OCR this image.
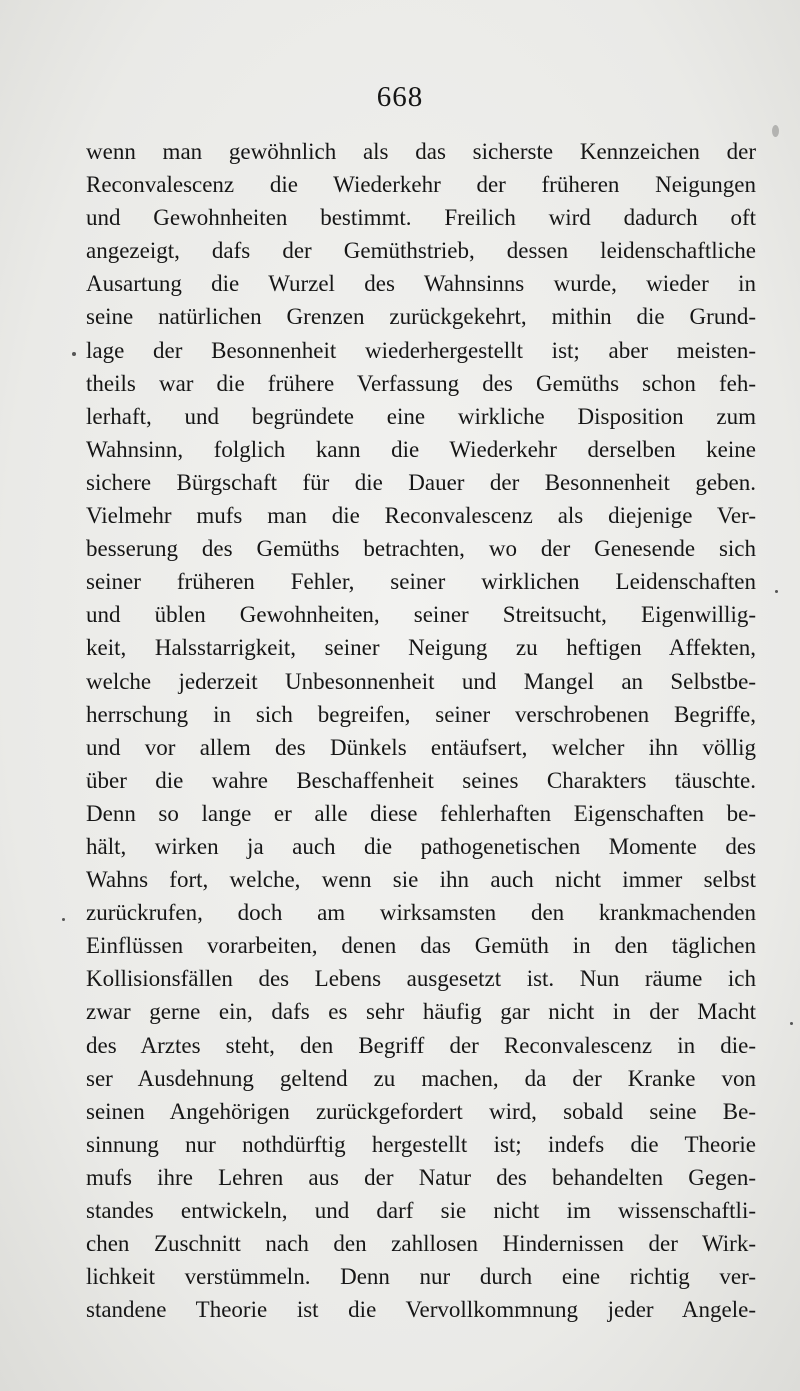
668
wenn man gewöhnlich als das sicherste Kennzeichen der
Reconvalescenz die Wiederkehr der früheren Neigungen
und Gewohnheiten bestimmt. Freilich wird dadurch oft
angezeigt, dafs der Gemüthstrieb, dessen leidenschaftliche
Ausartung die Wurzel des Wahnsinns wurde, wieder in
seine natürlichen Grenzen zurückgekehrt, mithin die Grund-
lage der Besonnenheit wiederhergestellt ist; aber meisten-
theils war die frühere Verfassung des Gemüths schon feh-
lerhaft, und begründete eine wirkliche Disposition zum
Wahnsinn, folglich kann die Wiederkehr derselben keine
sichere Bürgschaft für die Dauer der Besonnenheit geben.
Vielmehr mufs man die Reconvalescenz als diejenige Ver-
besserung des Gemüths betrachten, wo der Genesende sich
seiner früheren Fehler, seiner wirklichen Leidenschaften
und üblen Gewohnheiten, seiner Streitsucht, Eigenwillig-
keit, Halsstarrigkeit, seiner Neigung zu heftigen Affekten,
welche jederzeit Unbesonnenheit und Mangel an Selbstbe-
herrschung in sich begreifen, seiner verschrobenen Begriffe,
und vor allem des Dünkels entäufsert, welcher ihn völlig
über die wahre Beschaffenheit seines Charakters täuschte.
Denn so lange er alle diese fehlerhaften Eigenschaften be-
hält, wirken ja auch die pathogenetischen Momente des
Wahns fort, welche, wenn sie ihn auch nicht immer selbst
zurückrufen, doch am wirksamsten den krankmachenden
Einflüssen vorarbeiten, denen das Gemüth in den täglichen
Kollisionsfällen des Lebens ausgesetzt ist. Nun räume ich
zwar gerne ein, dafs es sehr häufig gar nicht in der Macht
des Arztes steht, den Begriff der Reconvalescenz in die-
ser Ausdehnung geltend zu machen, da der Kranke von
seinen Angehörigen zurückgefordert wird, sobald seine Be-
sinnung nur nothdürftig hergestellt ist; indefs die Theorie
mufs ihre Lehren aus der Natur des behandelten Gegen-
standes entwickeln, und darf sie nicht im wissenschaftli-
chen Zuschnitt nach den zahllosen Hindernissen der Wirk-
lichkeit verstümmeln. Denn nur durch eine richtig ver-
standene Theorie ist die Vervollkommnung jeder Angele-
